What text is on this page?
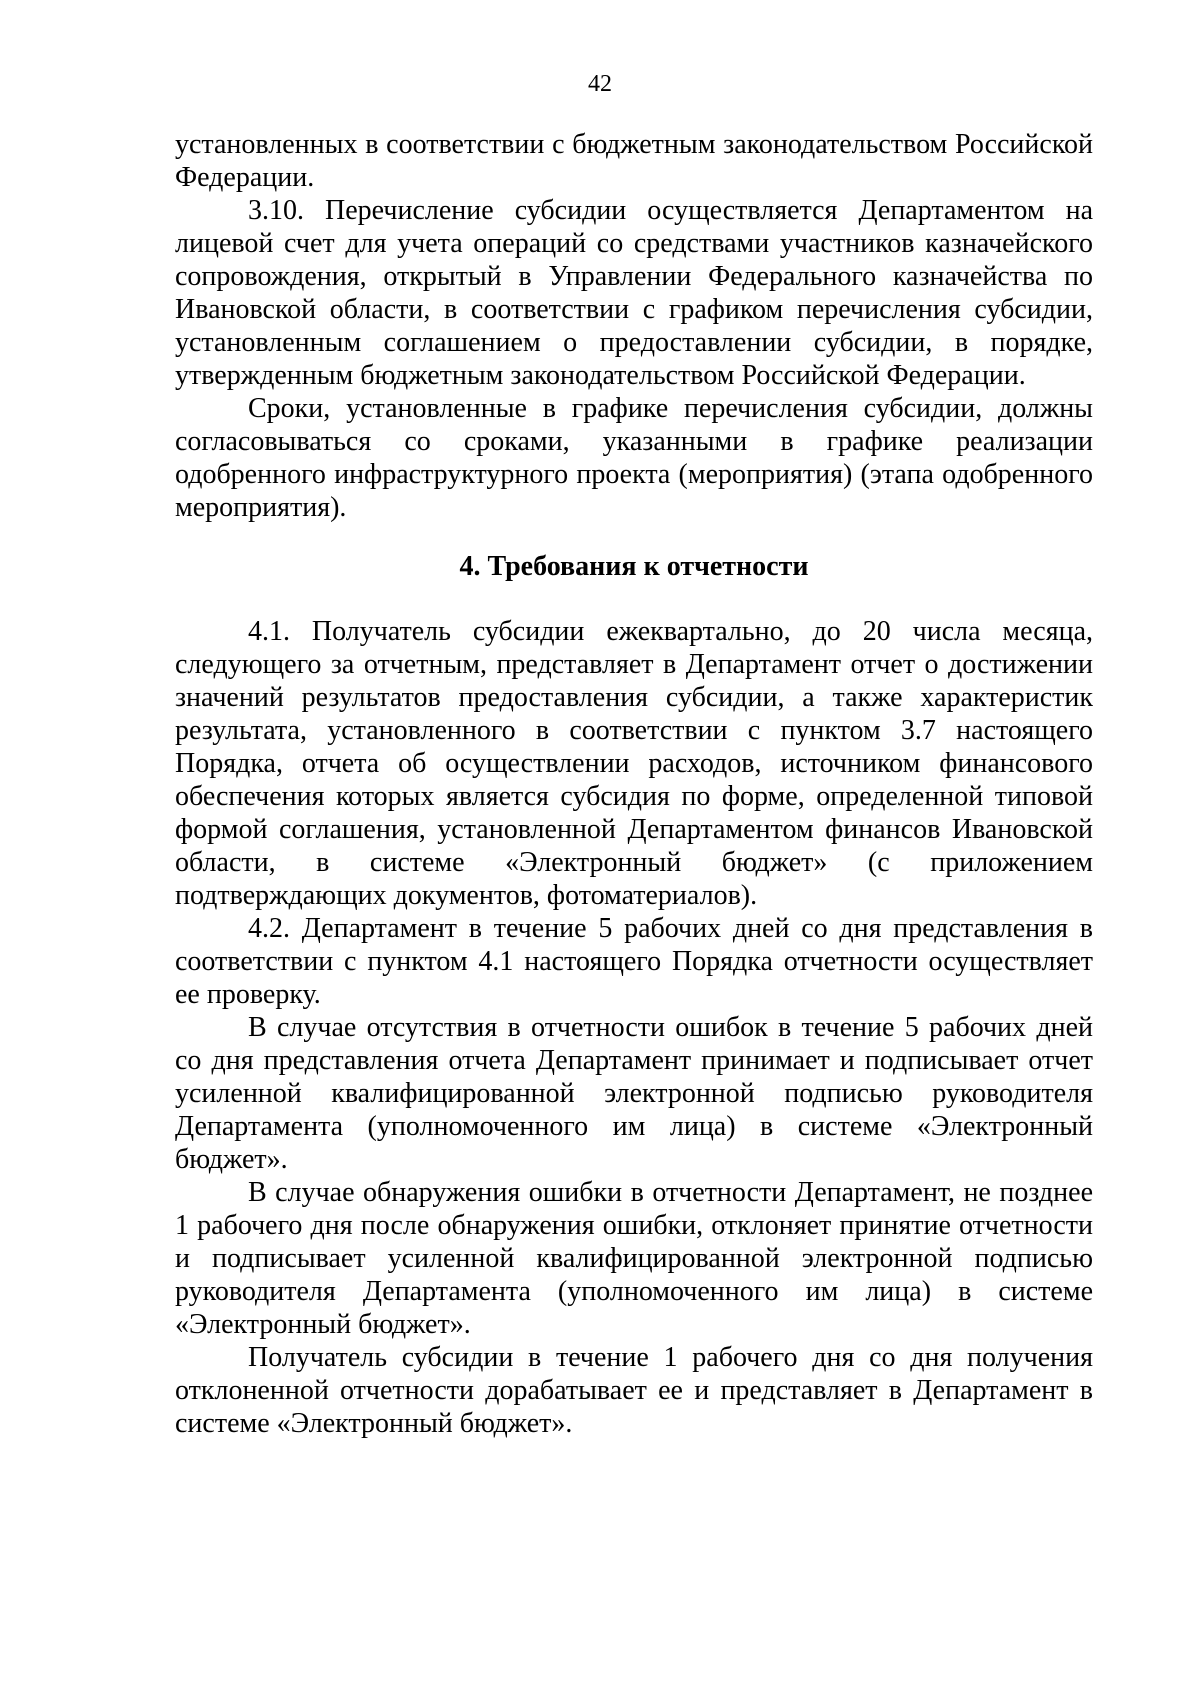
42

установленных в соответствии с бюджетным законодательством Российской Федерации.

3.10. Перечисление субсидии осуществляется Департаментом на лицевой счет для учета операций со средствами участников казначейского сопровождения, открытый в Управлении Федерального казначейства по Ивановской области, в соответствии с графиком перечисления субсидии, установленным соглашением о предоставлении субсидии, в порядке, утвержденным бюджетным законодательством Российской Федерации.

Сроки, установленные в графике перечисления субсидии, должны согласовываться со сроками, указанными в графике реализации одобренного инфраструктурного проекта (мероприятия) (этапа одобренного мероприятия).

4. Требования к отчетности

4.1. Получатель субсидии ежеквартально, до 20 числа месяца, следующего за отчетным, представляет в Департамент отчет о достижении значений результатов предоставления субсидии, а также характеристик результата, установленного в соответствии с пунктом 3.7 настоящего Порядка, отчета об осуществлении расходов, источником финансового обеспечения которых является субсидия по форме, определенной типовой формой соглашения, установленной Департаментом финансов Ивановской области, в системе «Электронный бюджет» (с приложением подтверждающих документов, фотоматериалов).

4.2. Департамент в течение 5 рабочих дней со дня представления в соответствии с пунктом 4.1 настоящего Порядка отчетности осуществляет ее проверку.

В случае отсутствия в отчетности ошибок в течение 5 рабочих дней со дня представления отчета Департамент принимает и подписывает отчет усиленной квалифицированной электронной подписью руководителя Департамента (уполномоченного им лица) в системе «Электронный бюджет».

В случае обнаружения ошибки в отчетности Департамент, не позднее 1 рабочего дня после обнаружения ошибки, отклоняет принятие отчетности и подписывает усиленной квалифицированной электронной подписью руководителя Департамента (уполномоченного им лица) в системе «Электронный бюджет».

Получатель субсидии в течение 1 рабочего дня со дня получения отклоненной отчетности дорабатывает ее и представляет в Департамент в системе «Электронный бюджет».
